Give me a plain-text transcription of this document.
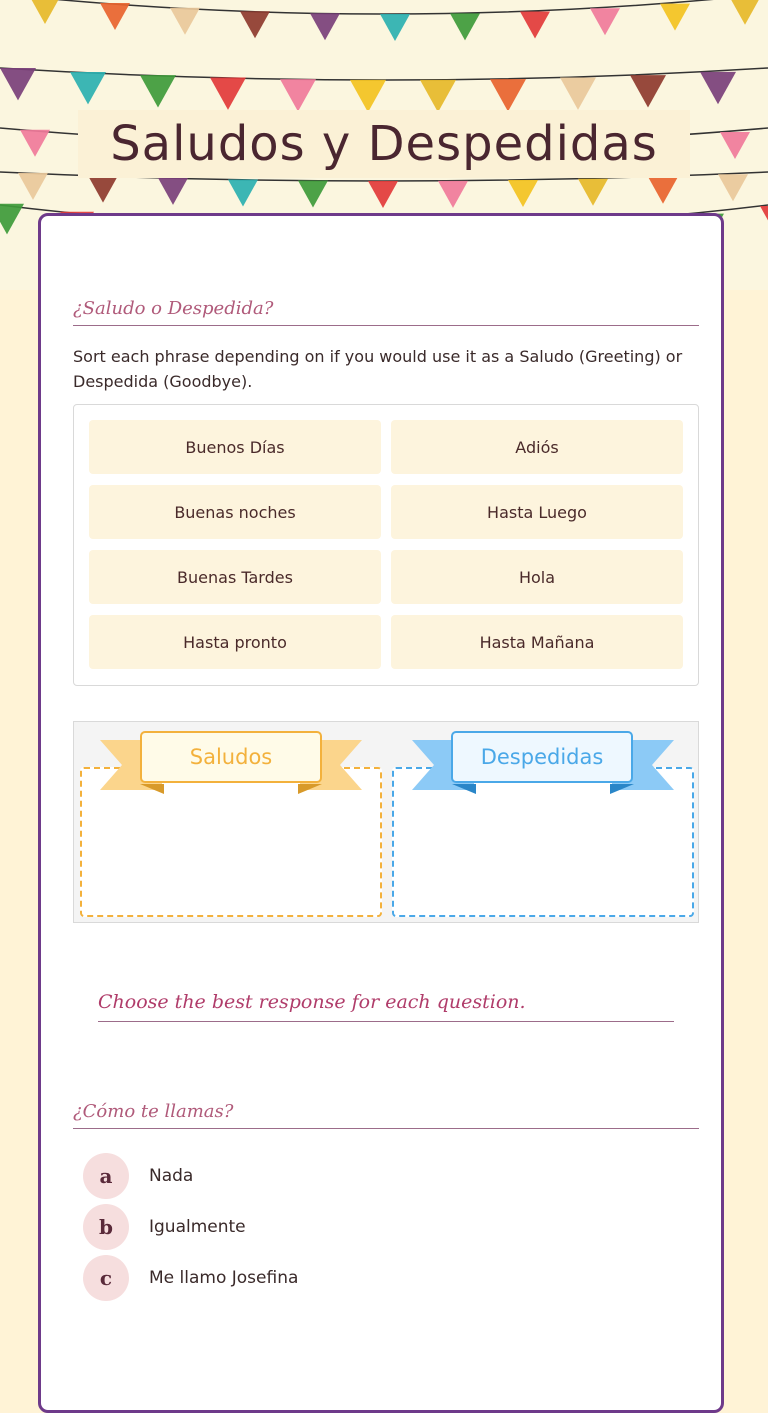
Saludos y Despedidas
¿Saludo o Despedida?
Sort each phrase depending on if you would use it as a Saludo (Greeting) or Despedida (Goodbye).
Buenos Días	Adiós
Buenas noches	Hasta Luego
Buenas Tardes	Hola
Hasta pronto	Hasta Mañana
Saludos	Despedidas
Choose the best response for each question.
¿Cómo te llamas?
a	Nada
b	Igualmente
c	Me llamo Josefina
